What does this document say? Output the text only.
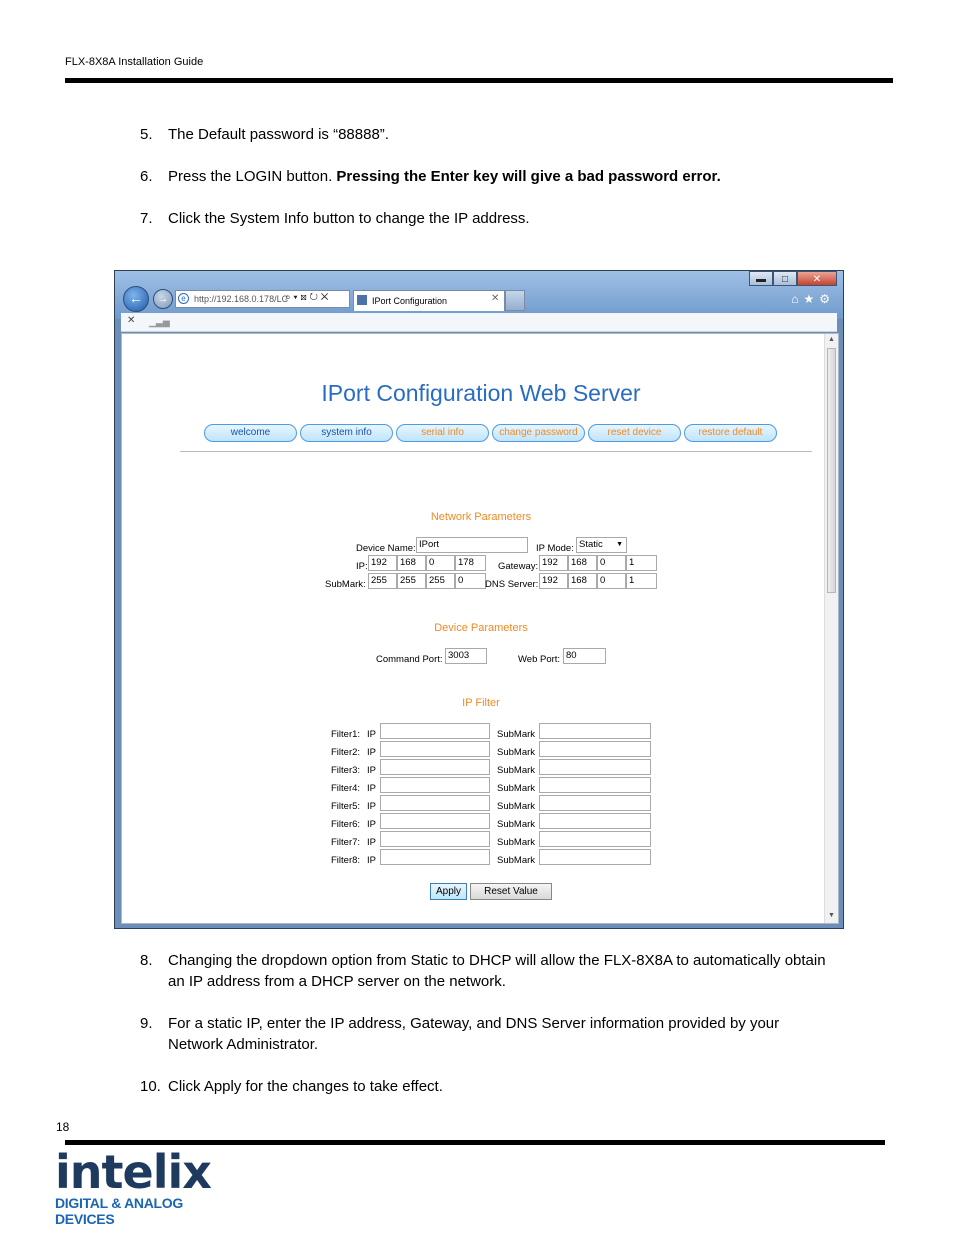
FLX-8X8A Installation Guide
5.	The Default password is “88888”.
6.	Press the LOGIN button. Pressing the Enter key will give a bad password error.
7.	Click the System Info button to change the IP address.
▬	□	✕
←	→	http://192.168.0.178/LC
e	⌕ ▾ ⊠ ↻ ✕	IPort Configuration	✕	⌂★⚙
✕ ▁▃▅
IPort Configuration Web Server
welcome	system info	serial info	change password	reset device	restore default
Network Parameters
Device Name: IPort	IP Mode: Static ▼
IP: 192	168	0	178	Gateway: 192	168	0	1
SubMark: 255	255	255	0	DNS Server: 192	168	0	1
Device Parameters
Command Port: 3003	Web Port: 80
IP Filter
Filter1: IP	SubMark
Filter2: IP	SubMark
Filter3: IP	SubMark
Filter4: IP	SubMark
Filter5: IP	SubMark
Filter6: IP	SubMark
Filter7: IP	SubMark
Filter8: IP	SubMark
Apply	Reset Value
▲
▼
8.	Changing the dropdown option from Static to DHCP will allow the FLX-8X8A to automatically obtain an IP address from a DHCP server on the network.
9.	For a static IP, enter the IP address, Gateway, and DNS Server information provided by your Network Administrator.
10. Click Apply for the changes to take effect.
18
intelix
DIGITAL & ANALOG DEVICES
